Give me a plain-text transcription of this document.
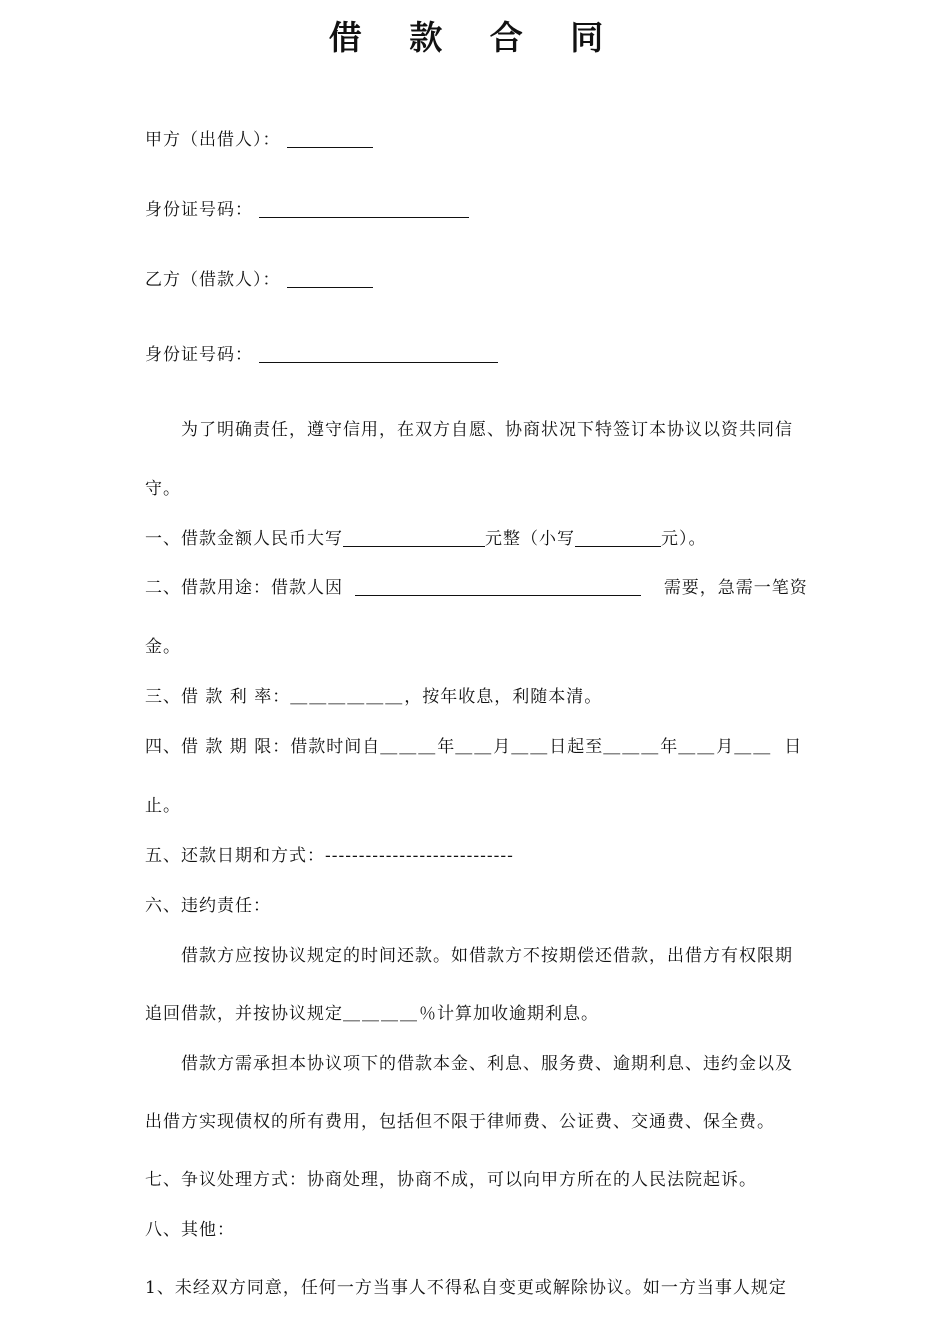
借 款 合 同
甲方（出借人）：
身份证号码：
乙方（借款人）：
身份证号码：
为了明确责任，遵守信用，在双方自愿、协商状况下特签订本协议以资共同信
守。
一、借款金额人民币大写	元整（小写	元）。
二、借款用途：借款人因	需要，急需一笔资
金。
三、借 款 利 率：＿＿＿＿＿＿，按年收息，利随本清。
四、借 款 期 限：借款时间自＿＿＿年＿＿月＿＿日起至＿＿＿年＿＿月＿＿ 日
止。
五、还款日期和方式：----------------------------
六、违约责任：
借款方应按协议规定的时间还款。如借款方不按期偿还借款，出借方有权限期
追回借款，并按协议规定＿＿＿＿％计算加收逾期利息。
借款方需承担本协议项下的借款本金、利息、服务费、逾期利息、违约金以及
出借方实现债权的所有费用，包括但不限于律师费、公证费、交通费、保全费。
七、争议处理方式：协商处理，协商不成，可以向甲方所在的人民法院起诉。
八、其他：
1、未经双方同意，任何一方当事人不得私自变更或解除协议。如一方当事人规定
